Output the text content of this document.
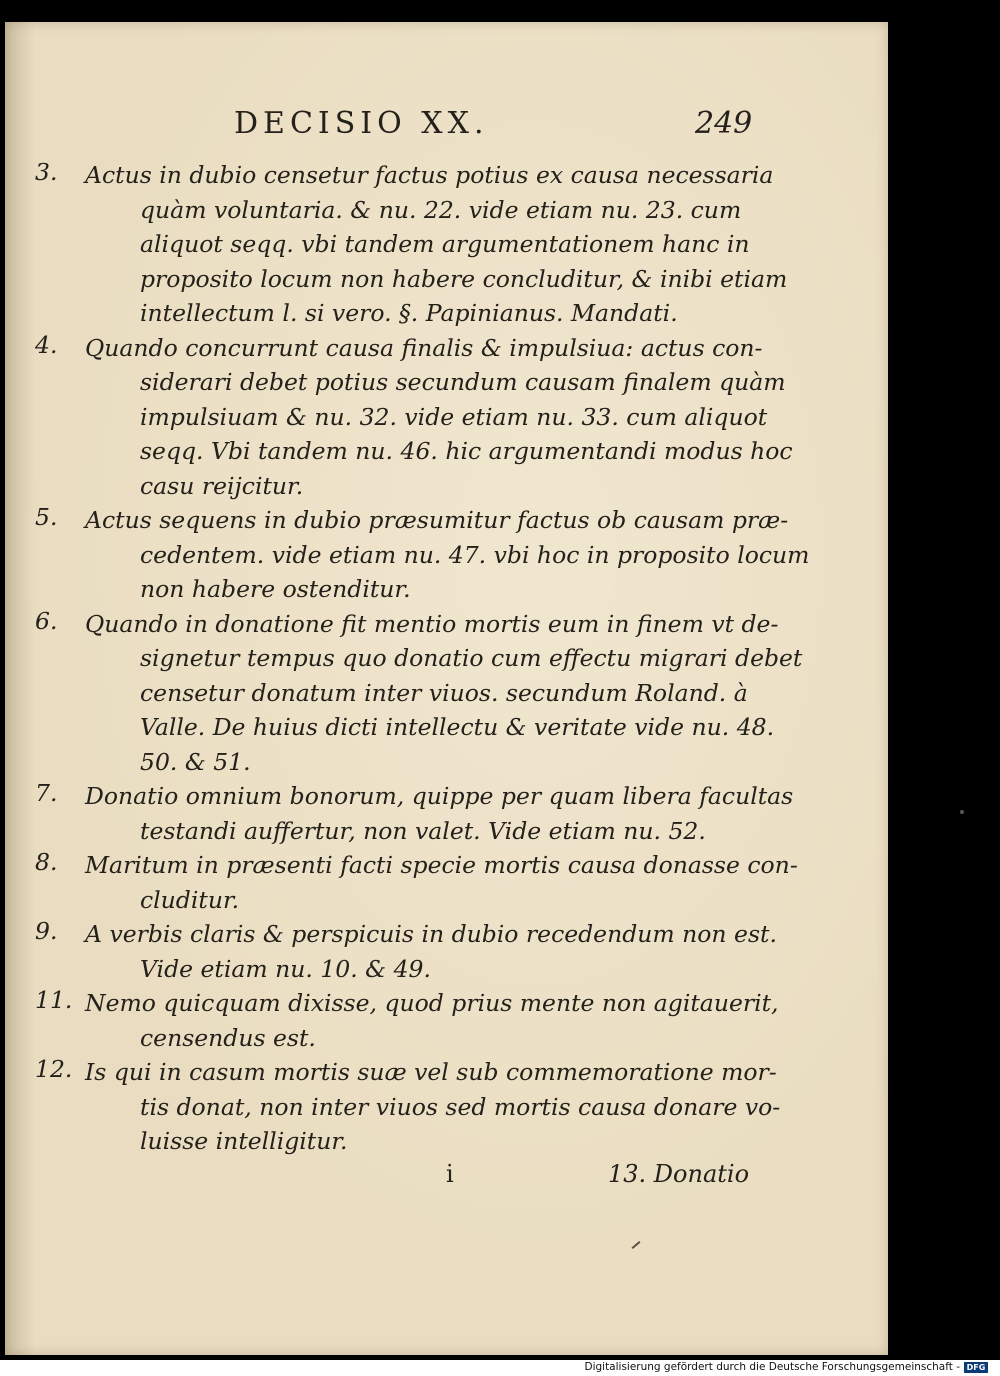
DECISIO XX.	249
3.	Actus in dubio censetur factus potius ex causa necessaria
quàm voluntaria. & nu. 22. vide etiam nu. 23. cum
aliquot seqq. vbi tandem argumentationem hanc in
proposito locum non habere concluditur, & inibi etiam
intellectum l. si vero. §. Papinianus. Mandati.
4.	Quando concurrunt causa finalis & impulsiua: actus con-
siderari debet potius secundum causam finalem quàm
impulsiuam & nu. 32. vide etiam nu. 33. cum aliquot
seqq. Vbi tandem nu. 46. hic argumentandi modus hoc
casu reijcitur.
5.	Actus sequens in dubio præsumitur factus ob causam præ-
cedentem. vide etiam nu. 47. vbi hoc in proposito locum
non habere ostenditur.
6.	Quando in donatione fit mentio mortis eum in finem vt de-
signetur tempus quo donatio cum effectu migrari debet
censetur donatum inter viuos. secundum Roland. à
Valle. De huius dicti intellectu & veritate vide nu. 48.
50. & 51.
7.	Donatio omnium bonorum, quippe per quam libera facultas
testandi auffertur, non valet. Vide etiam nu. 52.
8.	Maritum in præsenti facti specie mortis causa donasse con-
cluditur.
9.	A verbis claris & perspicuis in dubio recedendum non est.
Vide etiam nu. 10. & 49.
11. Nemo quicquam dixisse, quod prius mente non agitauerit,
censendus est.
12. Is qui in casum mortis suæ vel sub commemoratione mor-
tis donat, non inter viuos sed mortis causa donare vo-
luisse intelligitur.
i	13. Donatio
Digitalisierung gefördert durch die Deutsche Forschungsgemeinschaft - DFG
